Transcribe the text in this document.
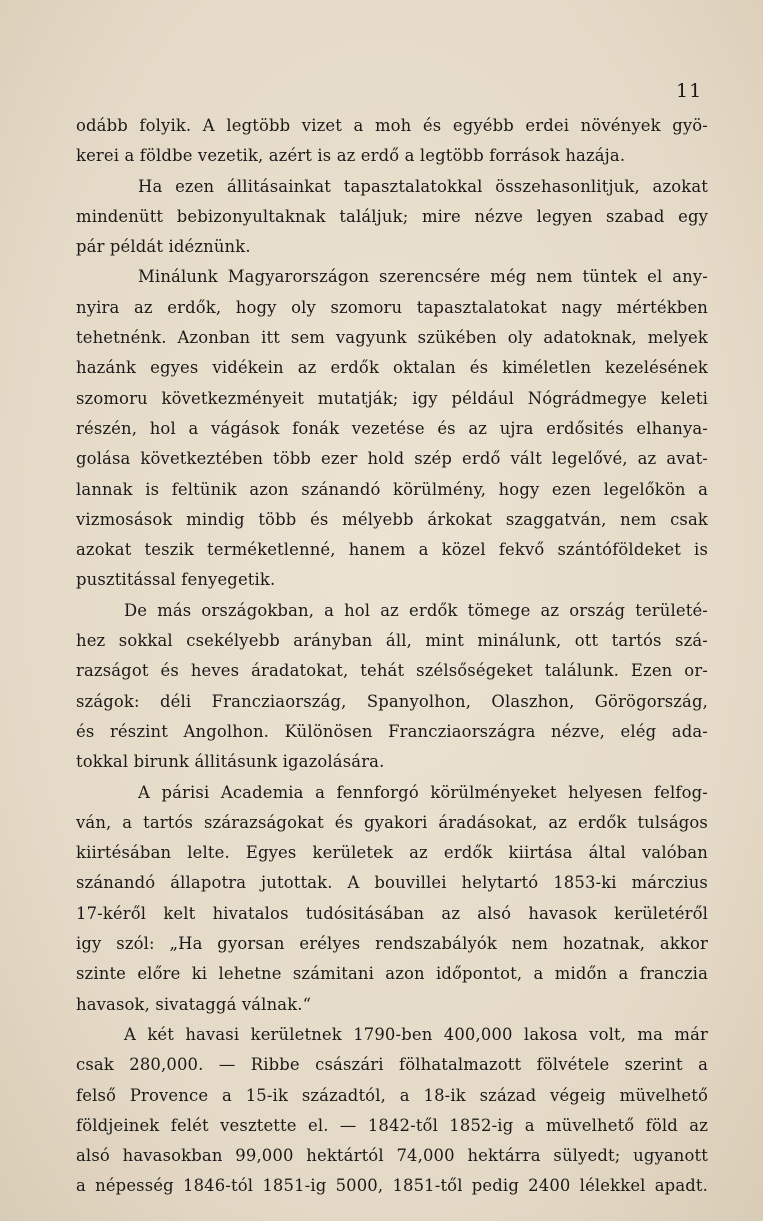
11
odább folyik. A legtöbb vizet a moh és egyébb erdei növények gyö-
kerei a földbe vezetik, azért is az erdő a legtöbb források hazája.
Ha ezen állitásainkat tapasztalatokkal összehasonlitjuk, azokat
mindenütt bebizonyultaknak találjuk; mire nézve legyen szabad egy
pár példát idéznünk.
Minálunk Magyarországon szerencsére még nem tüntek el any-
nyira az erdők, hogy oly szomoru tapasztalatokat nagy mértékben
tehetnénk. Azonban itt sem vagyunk szükében oly adatoknak, melyek
hazánk egyes vidékein az erdők oktalan és kiméletlen kezelésének
szomoru következményeit mutatják; igy például Nógrádmegye keleti
részén, hol a vágások fonák vezetése és az ujra erdősités elhanya-
golása következtében több ezer hold szép erdő vált legelővé, az avat-
lannak is feltünik azon szánandó körülmény, hogy ezen legelőkön a
vizmosások mindig több és mélyebb árkokat szaggatván, nem csak
azokat teszik terméketlenné, hanem a közel fekvő szántóföldeket is
pusztitással fenyegetik.
De más országokban, a hol az erdők tömege az ország területé-
hez sokkal csekélyebb arányban áll, mint minálunk, ott tartós szá-
razságot és heves áradatokat, tehát szélsőségeket találunk. Ezen or-
szágok: déli Francziaország, Spanyolhon, Olaszhon, Görögország,
és részint Angolhon. Különösen Francziaországra nézve, elég ada-
tokkal birunk állitásunk igazolására.
A párisi Academia a fennforgó körülményeket helyesen felfog-
ván, a tartós szárazságokat és gyakori áradásokat, az erdők tulságos
kiirtésában lelte. Egyes kerületek az erdők kiirtása által valóban
szánandó állapotra jutottak. A bouvillei helytartó 1853-ki márczius
17-kéről kelt hivatalos tudósitásában az alsó havasok kerületéről
igy szól: „Ha gyorsan erélyes rendszabályók nem hozatnak, akkor
szinte előre ki lehetne számitani azon időpontot, a midőn a franczia
havasok, sivataggá válnak.“
A két havasi kerületnek 1790-ben 400,000 lakosa volt, ma már
csak 280,000. — Ribbe császári fölhatalmazott fölvétele szerint a
felső Provence a 15-ik századtól, a 18-ik század végeig müvelhető
földjeinek felét vesztette el. — 1842-től 1852-ig a müvelhető föld az
alsó havasokban 99,000 hektártól 74,000 hektárra sülyedt; ugyanott
a népesség 1846-tól 1851-ig 5000, 1851-től pedig 2400 lélekkel apadt.
